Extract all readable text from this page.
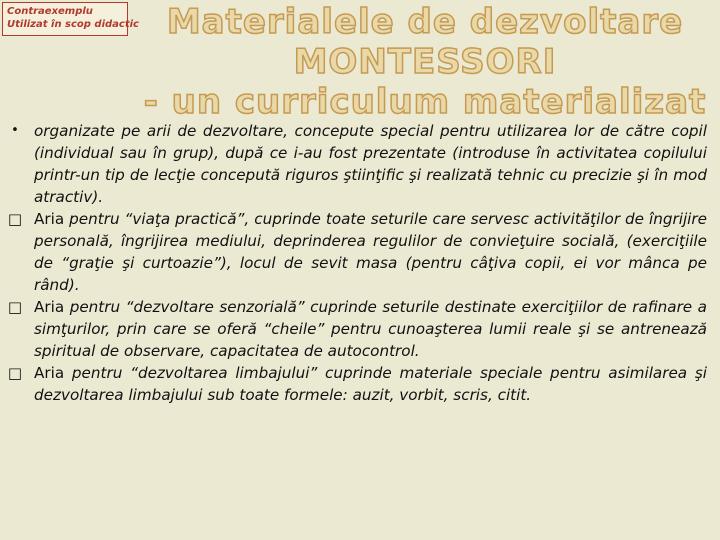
Contraexemplu
Utilizat în scop didactic Materialele de dezvoltare
MONTESSORI
- un curriculum materializat

• organizate pe arii de dezvoltare, concepute special pentru utilizarea lor de către copil (individual sau în grup), după ce i-au fost prezentate (introduse în activitatea copilului printr-un tip de lecţie concepută riguros ştiinţific şi realizată tehnic cu precizie şi în mod atractiv).

□ Aria pentru “viaţa practică”, cuprinde toate seturile care servesc activităţilor de îngrijire personală, îngrijirea mediului, deprinderea regulilor de convieţuire socială, (exerciţiile de “graţie şi curtoazie”), locul de sevit masa (pentru câţiva copii, ei vor mânca pe rând).

□ Aria pentru “dezvoltare senzorială” cuprinde seturile destinate exerciţiilor de rafinare a simţurilor, prin care se oferă “cheile” pentru cunoaşterea lumii reale şi se antrenează spiritual de observare, capacitatea de autocontrol.

□ Aria pentru “dezvoltarea limbajului” cuprinde materiale speciale pentru asimilarea şi dezvoltarea limbajului sub toate formele: auzit, vorbit, scris, citit.
